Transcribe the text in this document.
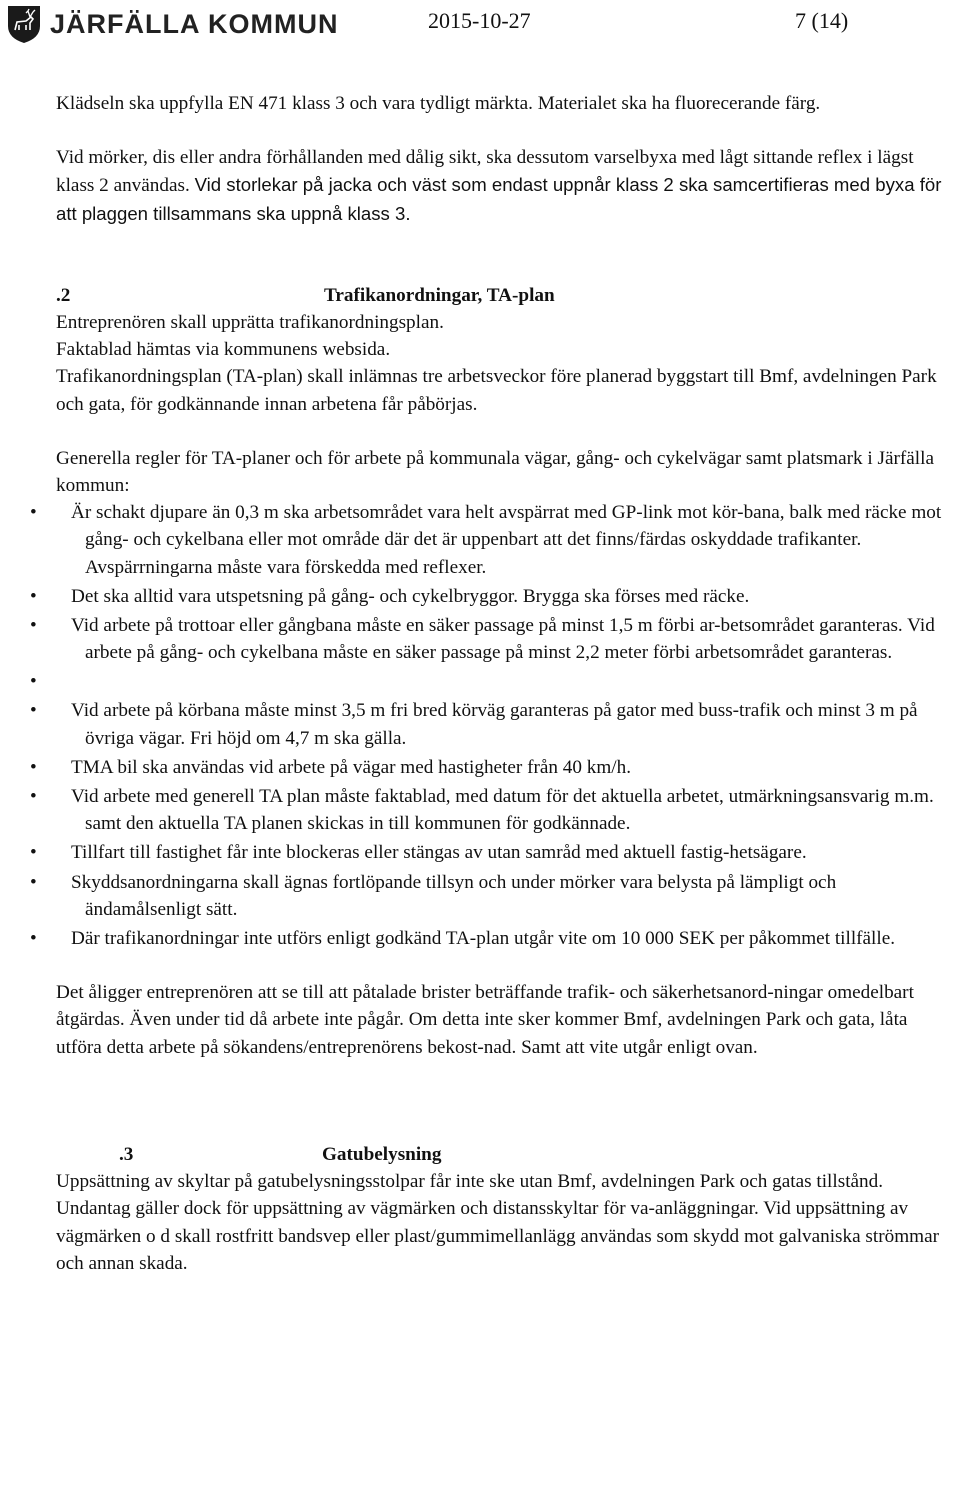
JÄRFÄLLA KOMMUN	2015-10-27	7 (14)

Klädseln ska uppfylla EN 471 klass 3 och vara tydligt märkta. Materialet ska ha fluorecerande färg.

Vid mörker, dis eller andra förhållanden med dålig sikt, ska dessutom varselbyxa med lågt sittande reflex i lägst klass 2 användas. Vid storlekar på jacka och väst som endast uppnår klass 2 ska samcertifieras med byxa för att plaggen tillsammans ska uppnå klass 3.

.2	Trafikanordningar, TA-plan

Entreprenören skall upprätta trafikanordningsplan.

Faktablad hämtas via kommunens websida.

Trafikanordningsplan (TA-plan) skall inlämnas tre arbetsveckor före planerad byggstart till Bmf, avdelningen Park och gata, för godkännande innan arbetena får påbörjas.

Generella regler för TA-planer och för arbete på kommunala vägar, gång- och cykelvägar samt platsmark i Järfälla kommun:

• Är schakt djupare än 0,3 m ska arbetsområdet vara helt avspärrat med GP-link mot kör-bana, balk med räcke mot gång- och cykelbana eller mot område där det är uppenbart att det finns/färdas oskyddade trafikanter. Avspärrningarna måste vara förskedda med reflexer.
• Det ska alltid vara utspetsning på gång- och cykelbryggor. Brygga ska förses med räcke.
• Vid arbete på trottoar eller gångbana måste en säker passage på minst 1,5 m förbi ar-betsområdet garanteras. Vid arbete på gång- och cykelbana måste en säker passage på minst 2,2 meter förbi arbetsområdet garanteras.
•
• Vid arbete på körbana måste minst 3,5 m fri bred körväg garanteras på gator med buss-trafik och minst 3 m på övriga vägar. Fri höjd om 4,7 m ska gälla.
• TMA bil ska användas vid arbete på vägar med hastigheter från 40 km/h.
• Vid arbete med generell TA plan måste faktablad, med datum för det aktuella arbetet, utmärkningsansvarig m.m. samt den aktuella TA planen skickas in till kommunen för godkännade.
• Tillfart till fastighet får inte blockeras eller stängas av utan samråd med aktuell fastig-hetsägare.
• Skyddsanordningarna skall ägnas fortlöpande tillsyn och under mörker vara belysta på lämpligt och ändamålsenligt sätt.
• Där trafikanordningar inte utförs enligt godkänd TA-plan utgår vite om 10 000 SEK per påkommet tillfälle.

Det åligger entreprenören att se till att påtalade brister beträffande trafik- och säkerhetsanord-ningar omedelbart åtgärdas. Även under tid då arbete inte pågår. Om detta inte sker kommer Bmf, avdelningen Park och gata, låta utföra detta arbete på sökandens/entreprenörens bekost-nad. Samt att vite utgår enligt ovan.

.3	Gatubelysning

Uppsättning av skyltar på gatubelysningsstolpar får inte ske utan Bmf, avdelningen Park och gatas tillstånd. Undantag gäller dock för uppsättning av vägmärken och distansskyltar för va-anläggningar. Vid uppsättning av vägmärken o d skall rostfritt bandsvep eller plast/gummimellanlägg användas som skydd mot galvaniska strömmar och annan skada.
